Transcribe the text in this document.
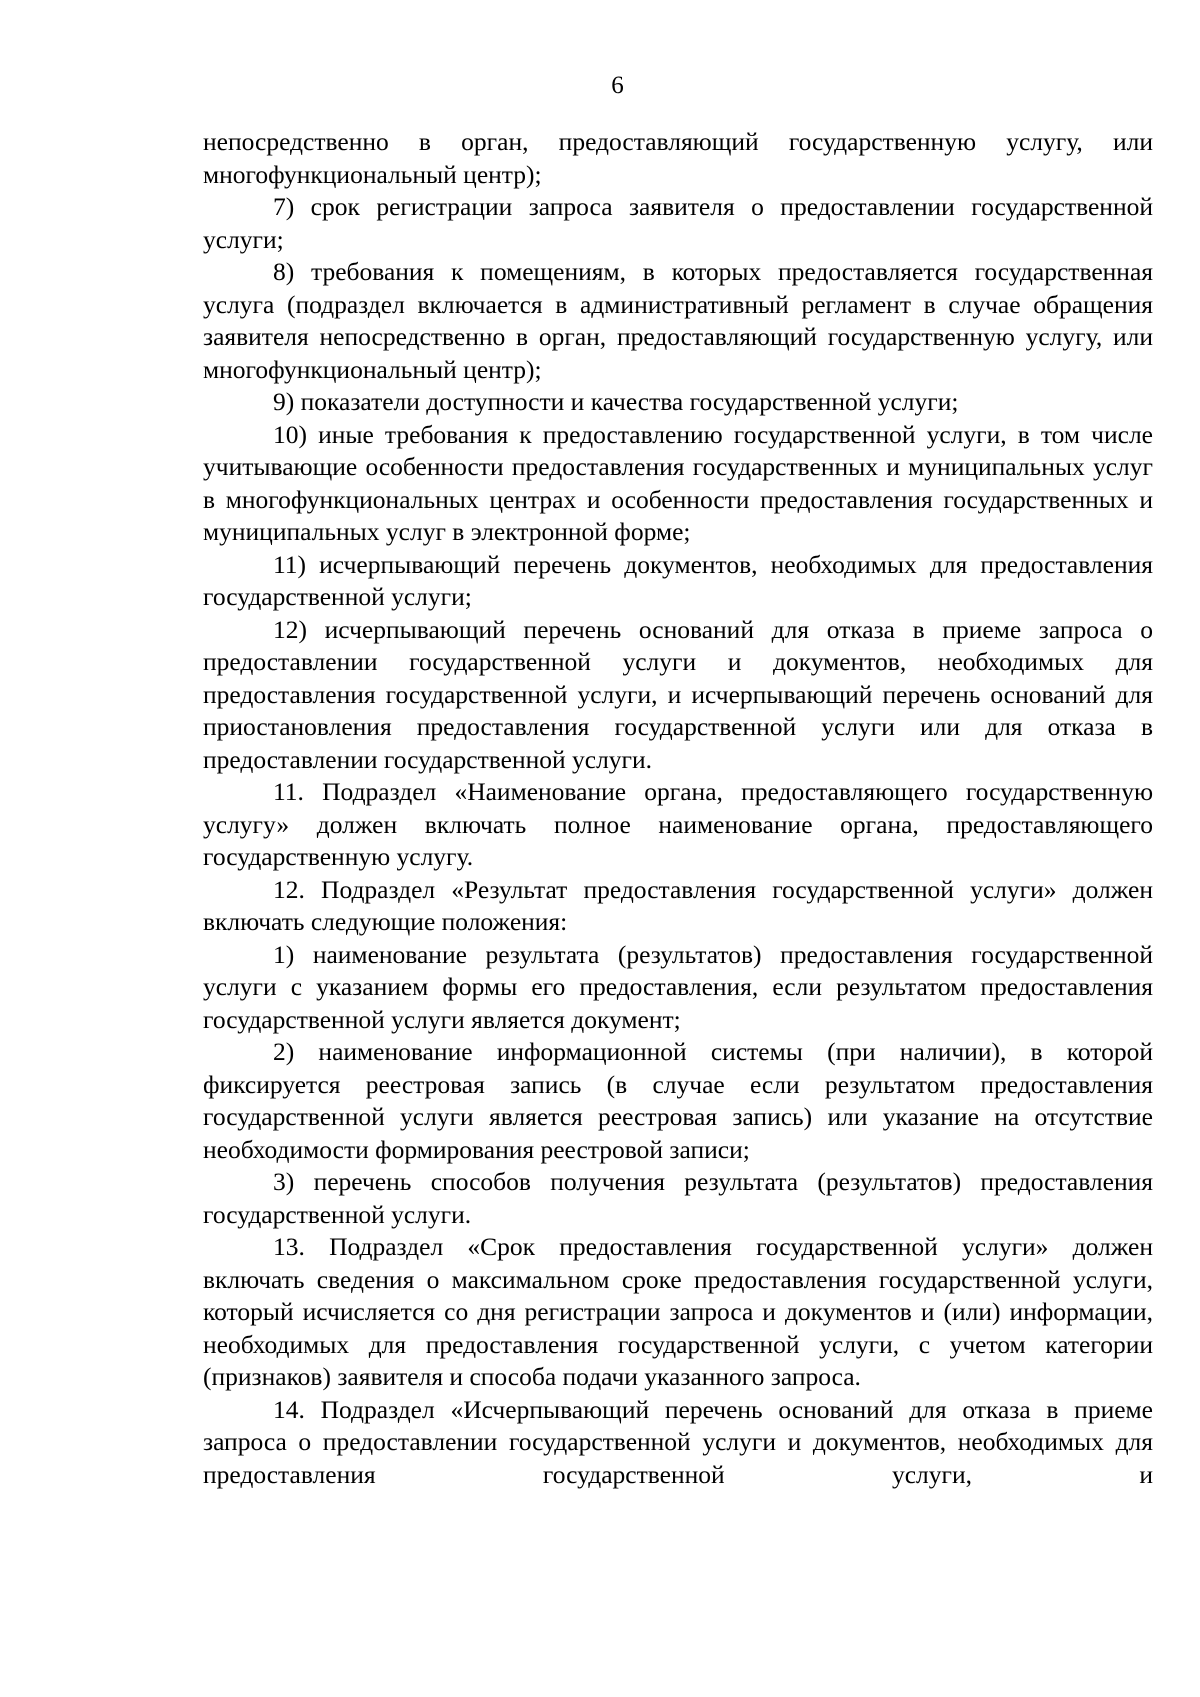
6

непосредственно в орган, предоставляющий государственную услугу, или многофункциональный центр);

7) срок регистрации запроса заявителя о предоставлении государственной услуги;

8) требования к помещениям, в которых предоставляется государственная услуга (подраздел включается в административный регламент в случае обращения заявителя непосредственно в орган, предоставляющий государственную услугу, или многофункциональный центр);

9) показатели доступности и качества государственной услуги;

10) иные требования к предоставлению государственной услуги, в том числе учитывающие особенности предоставления государственных и муниципальных услуг в многофункциональных центрах и особенности предоставления государственных и муниципальных услуг в электронной форме;

11) исчерпывающий перечень документов, необходимых для предоставления государственной услуги;

12) исчерпывающий перечень оснований для отказа в приеме запроса о предоставлении государственной услуги и документов, необходимых для предоставления государственной услуги, и исчерпывающий перечень оснований для приостановления предоставления государственной услуги или для отказа в предоставлении государственной услуги.

11. Подраздел «Наименование органа, предоставляющего государственную услугу» должен включать полное наименование органа, предоставляющего государственную услугу.

12. Подраздел «Результат предоставления государственной услуги» должен включать следующие положения:

1) наименование результата (результатов) предоставления государственной услуги с указанием формы его предоставления, если результатом предоставления государственной услуги является документ;

2) наименование информационной системы (при наличии), в которой фиксируется реестровая запись (в случае если результатом предоставления государственной услуги является реестровая запись) или указание на отсутствие необходимости формирования реестровой записи;

3) перечень способов получения результата (результатов) предоставления государственной услуги.

13. Подраздел «Срок предоставления государственной услуги» должен включать сведения о максимальном сроке предоставления государственной услуги, который исчисляется со дня регистрации запроса и документов и (или) информации, необходимых для предоставления государственной услуги, с учетом категории (признаков) заявителя и способа подачи указанного запроса.

14. Подраздел «Исчерпывающий перечень оснований для отказа в приеме запроса о предоставлении государственной услуги и документов, необходимых для предоставления государственной услуги, и
